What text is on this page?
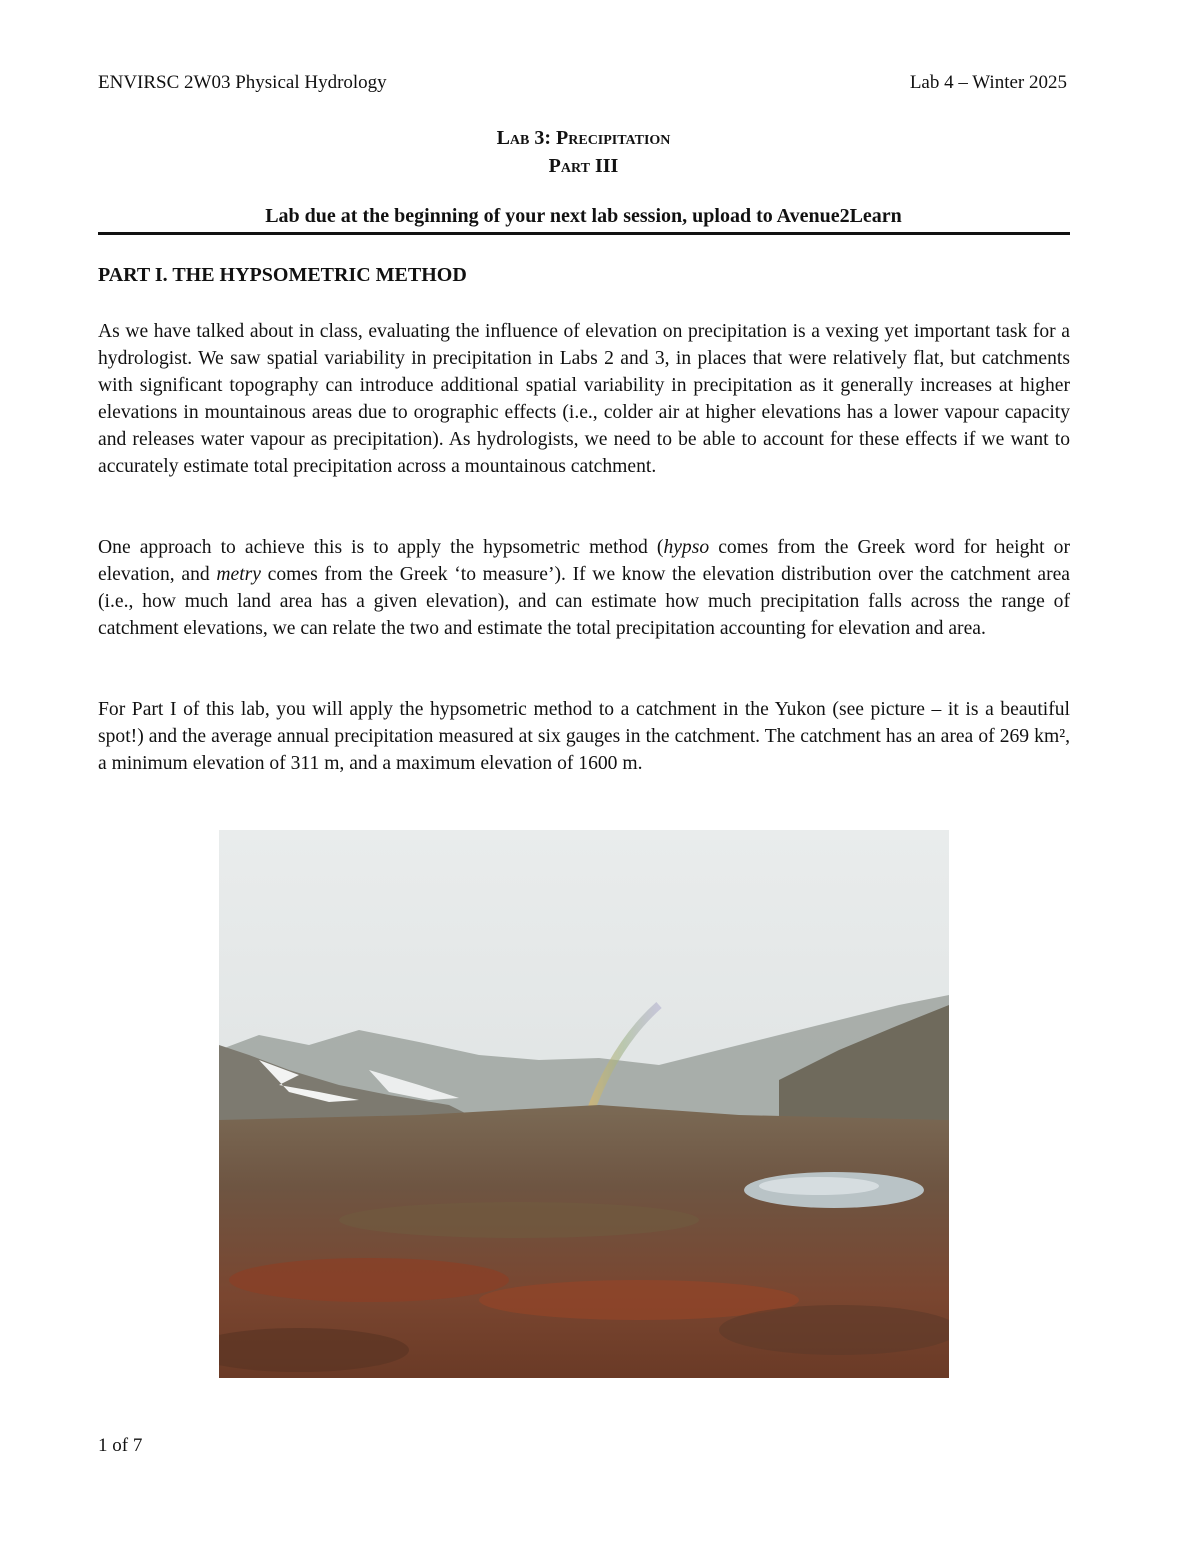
ENVIRSC 2W03 Physical Hydrology	Lab 4 – Winter 2025
Lab 3: Precipitation
Part III
Lab due at the beginning of your next lab session, upload to Avenue2Learn
PART I. THE HYPSOMETRIC METHOD

As we have talked about in class, evaluating the influence of elevation on precipitation is a vexing yet important task for a hydrologist. We saw spatial variability in precipitation in Labs 2 and 3, in places that were relatively flat, but catchments with significant topography can introduce additional spatial variability in precipitation as it generally increases at higher elevations in mountainous areas due to orographic effects (i.e., colder air at higher elevations has a lower vapour capacity and releases water vapour as precipitation). As hydrologists, we need to be able to account for these effects if we want to accurately estimate total precipitation across a mountainous catchment.

One approach to achieve this is to apply the hypsometric method (hypso comes from the Greek word for height or elevation, and metry comes from the Greek ‘to measure’). If we know the elevation distribution over the catchment area (i.e., how much land area has a given elevation), and can estimate how much precipitation falls across the range of catchment elevations, we can relate the two and estimate the total precipitation accounting for elevation and area.

For Part I of this lab, you will apply the hypsometric method to a catchment in the Yukon (see picture – it is a beautiful spot!) and the average annual precipitation measured at six gauges in the catchment. The catchment has an area of 269 km², a minimum elevation of 311 m, and a maximum elevation of 1600 m.

1 of 7
